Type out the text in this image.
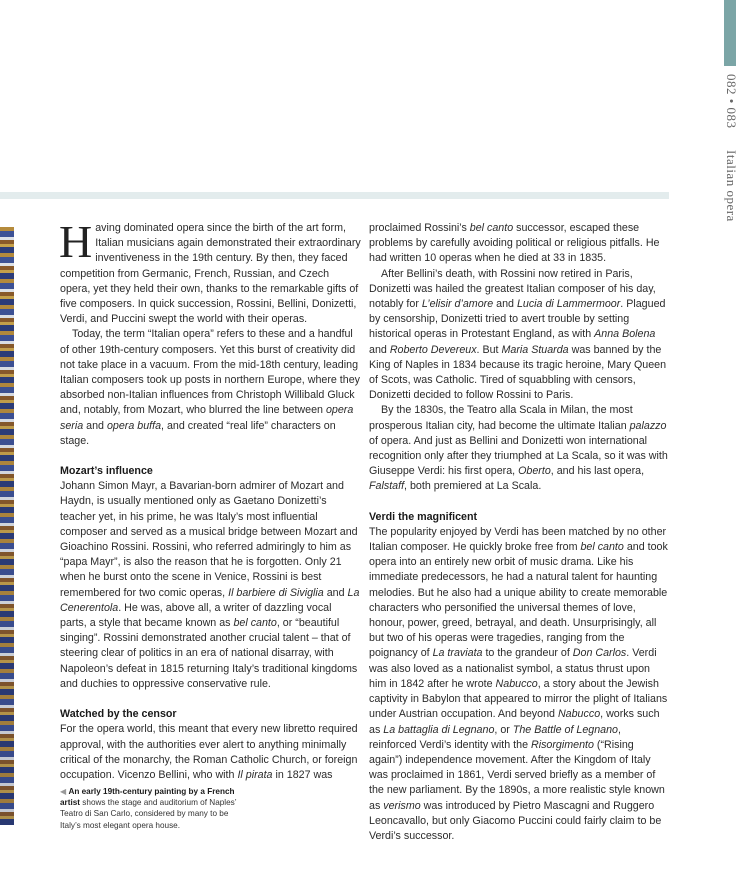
082 • 083
Italian opera

Having dominated opera since the birth of the art form, Italian musicians again demonstrated their extraordinary inventiveness in the 19th century. By then, they faced competition from Germanic, French, Russian, and Czech opera, yet they held their own, thanks to the remarkable gifts of five composers. In quick succession, Rossini, Bellini, Donizetti, Verdi, and Puccini swept the world with their operas.

Today, the term “Italian opera” refers to these and a handful of other 19th-century composers. Yet this burst of creativity did not take place in a vacuum. From the mid-18th century, leading Italian composers took up posts in northern Europe, where they absorbed non-Italian influences from Christoph Willibald Gluck and, notably, from Mozart, who blurred the line between opera seria and opera buffa, and created “real life” characters on stage.

Mozart’s influence

Johann Simon Mayr, a Bavarian-born admirer of Mozart and Haydn, is usually mentioned only as Gaetano Donizetti’s teacher yet, in his prime, he was Italy’s most influential composer and served as a musical bridge between Mozart and Gioachino Rossini. Rossini, who referred admiringly to him as “papa Mayr”, is also the reason that he is forgotten. Only 21 when he burst onto the scene in Venice, Rossini is best remembered for two comic operas, Il barbiere di Siviglia and La Cenerentola. He was, above all, a writer of dazzling vocal parts, a style that became known as bel canto, or “beautiful singing”. Rossini demonstrated another crucial talent – that of steering clear of politics in an era of national disarray, with Napoleon’s defeat in 1815 returning Italy’s traditional kingdoms and duchies to oppressive conservative rule.

Watched by the censor

For the opera world, this meant that every new libretto required approval, with the authorities ever alert to anything minimally critical of the monarchy, the Roman Catholic Church, or foreign occupation. Vicenzo Bellini, who with Il pirata in 1827 was

proclaimed Rossini’s bel canto successor, escaped these problems by carefully avoiding political or religious pitfalls. He had written 10 operas when he died at 33 in 1835.

After Bellini’s death, with Rossini now retired in Paris, Donizetti was hailed the greatest Italian composer of his day, notably for L’elisir d’amore and Lucia di Lammermoor. Plagued by censorship, Donizetti tried to avert trouble by setting historical operas in Protestant England, as with Anna Bolena and Roberto Devereux. But Maria Stuarda was banned by the King of Naples in 1834 because its tragic heroine, Mary Queen of Scots, was Catholic. Tired of squabbling with censors, Donizetti decided to follow Rossini to Paris.

By the 1830s, the Teatro alla Scala in Milan, the most prosperous Italian city, had become the ultimate Italian palazzo of opera. And just as Bellini and Donizetti won international recognition only after they triumphed at La Scala, so it was with Giuseppe Verdi: his first opera, Oberto, and his last opera, Falstaff, both premiered at La Scala.

Verdi the magnificent

The popularity enjoyed by Verdi has been matched by no other Italian composer. He quickly broke free from bel canto and took opera into an entirely new orbit of music drama. Like his immediate predecessors, he had a natural talent for haunting melodies. But he also had a unique ability to create memorable characters who personified the universal themes of love, honour, power, greed, betrayal, and death. Unsurprisingly, all but two of his operas were tragedies, ranging from the poignancy of La traviata to the grandeur of Don Carlos. Verdi was also loved as a nationalist symbol, a status thrust upon him in 1842 after he wrote Nabucco, a story about the Jewish captivity in Babylon that appeared to mirror the plight of Italians under Austrian occupation. And beyond Nabucco, works such as La battaglia di Legnano, or The Battle of Legnano, reinforced Verdi’s identity with the Risorgimento (“Rising again”) independence movement. After the Kingdom of Italy was proclaimed in 1861, Verdi served briefly as a member of the new parliament. By the 1890s, a more realistic style known as verismo was introduced by Pietro Mascagni and Ruggero Leoncavallo, but only Giacomo Puccini could fairly claim to be Verdi’s successor.

◀ An early 19th-century painting by a French artist shows the stage and auditorium of Naples’ Teatro di San Carlo, considered by many to be Italy’s most elegant opera house.
